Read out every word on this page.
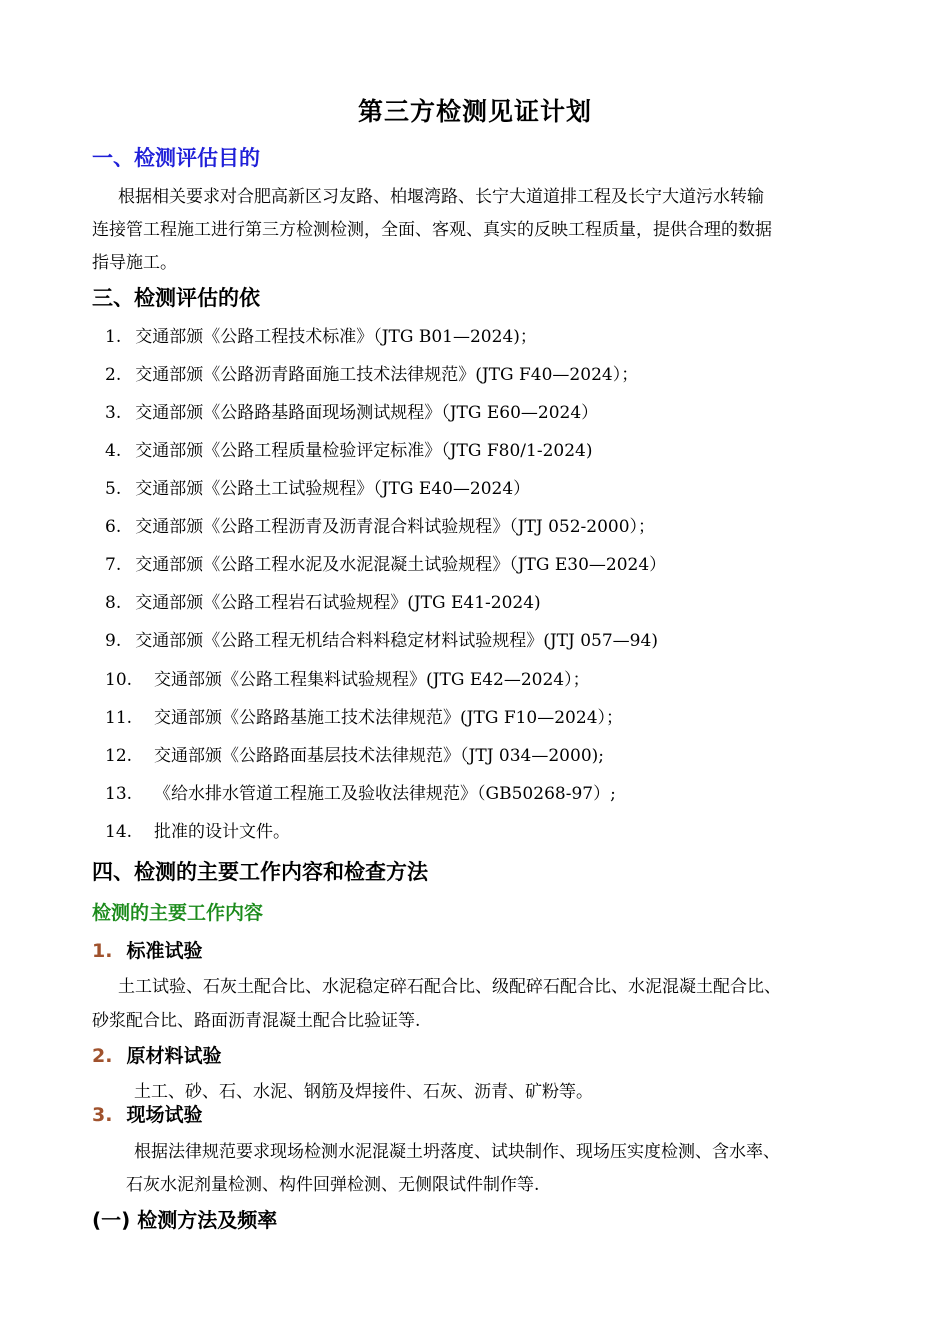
第三方检测见证计划
一、检测评估目的
根据相关要求对合肥高新区习友路、柏堰湾路、长宁大道道排工程及长宁大道污水转输
连接管工程施工进行第三方检测检测，全面、客观、真实的反映工程质量，提供合理的数据
指导施工。
三、检测评估的依
1. 交通部颁《公路工程技术标准》（JTG B01—2024)；
2. 交通部颁《公路沥青路面施工技术法律规范》(JTG F40—2024）；
3. 交通部颁《公路路基路面现场测试规程》（JTG E60—2024）
4. 交通部颁《公路工程质量检验评定标准》（JTG F80/1-2024)
5. 交通部颁《公路土工试验规程》（JTG E40—2024）
6. 交通部颁《公路工程沥青及沥青混合料试验规程》（JTJ 052-2000）；
7. 交通部颁《公路工程水泥及水泥混凝土试验规程》（JTG E30—2024）
8. 交通部颁《公路工程岩石试验规程》(JTG E41-2024)
9. 交通部颁《公路工程无机结合料料稳定材料试验规程》(JTJ 057—94)
10. 交通部颁《公路工程集料试验规程》(JTG E42—2024）；
11. 交通部颁《公路路基施工技术法律规范》(JTG F10—2024）；
12. 交通部颁《公路路面基层技术法律规范》（JTJ 034—2000);
13. 《给水排水管道工程施工及验收法律规范》（GB50268-97）;
14. 批准的设计文件。
四、检测的主要工作内容和检查方法
检测的主要工作内容
1. 标准试验
土工试验、石灰土配合比、水泥稳定碎石配合比、级配碎石配合比、水泥混凝土配合比、
砂浆配合比、路面沥青混凝土配合比验证等.
2. 原材料试验
土工、砂、石、水泥、钢筋及焊接件、石灰、沥青、矿粉等。
3. 现场试验
根据法律规范要求现场检测水泥混凝土坍落度、试块制作、现场压实度检测、含水率、
石灰水泥剂量检测、构件回弹检测、无侧限试件制作等.
(一) 检测方法及频率
